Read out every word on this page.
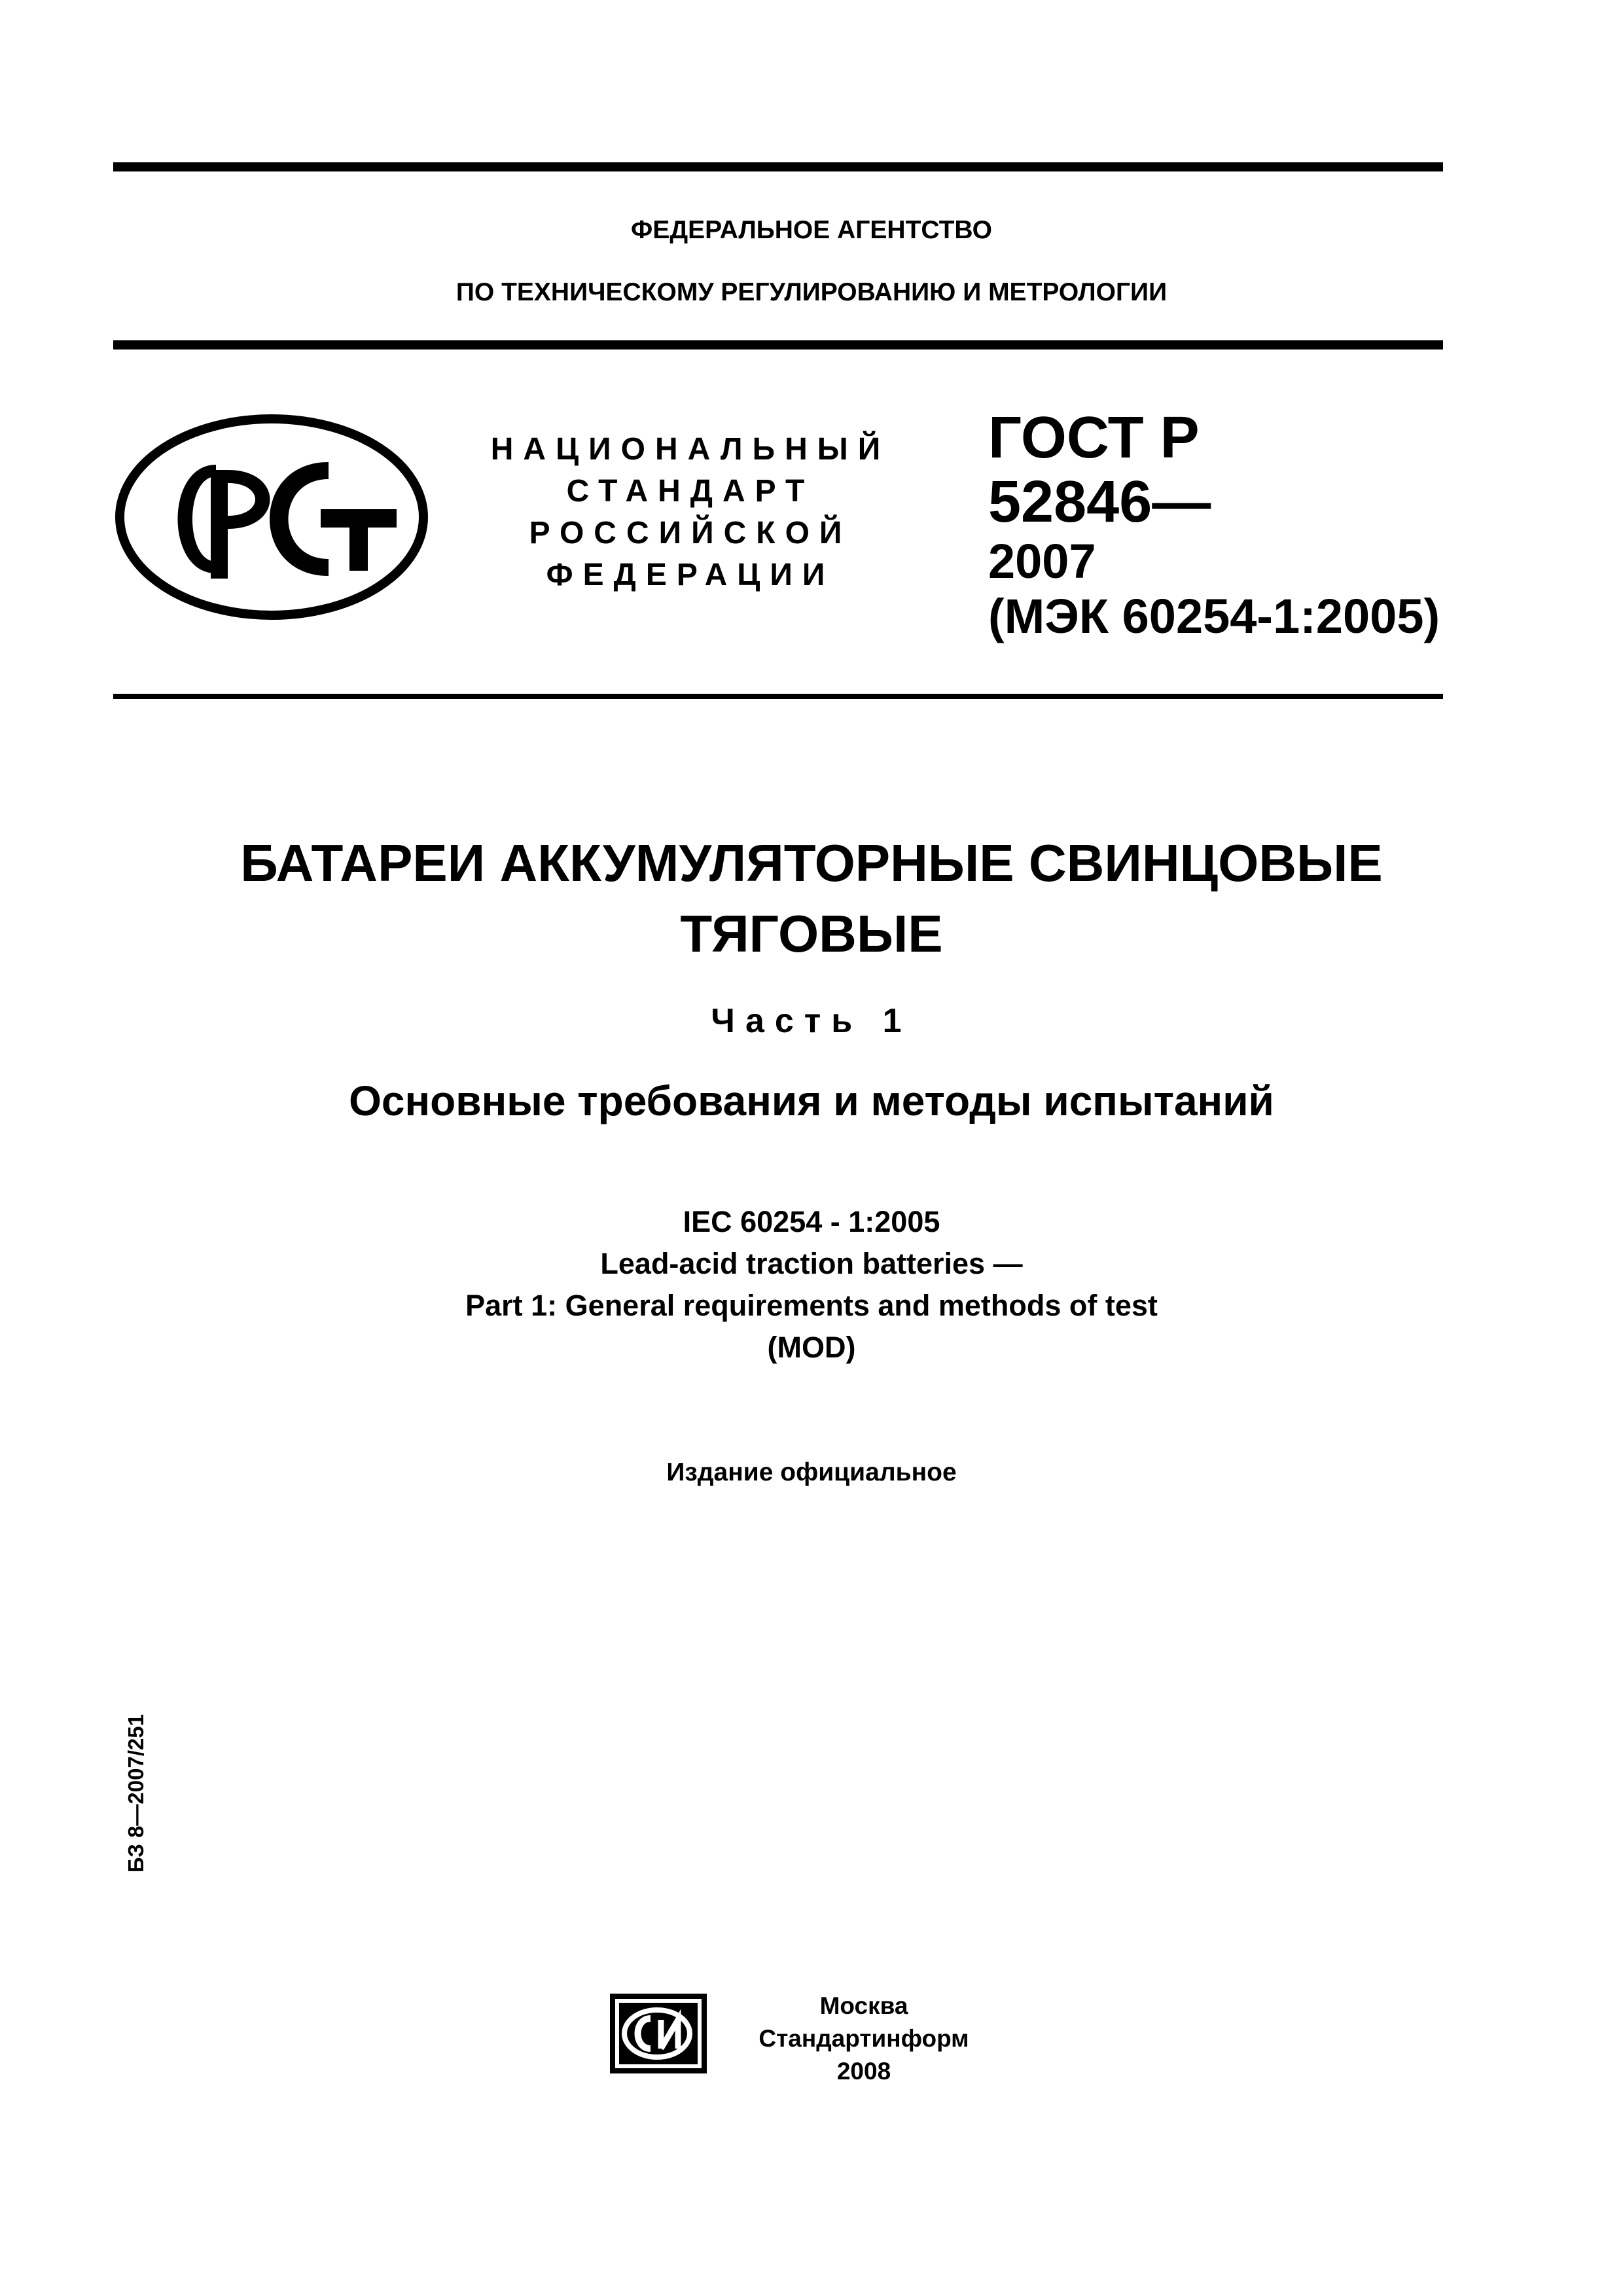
ФЕДЕРАЛЬНОЕ АГЕНТСТВО
ПО ТЕХНИЧЕСКОМУ РЕГУЛИРОВАНИЮ И МЕТРОЛОГИИ
НАЦИОНАЛЬНЫЙ
СТАНДАРТ
РОССИЙСКОЙ
ФЕДЕРАЦИИ
ГОСТ Р
52846—
2007
(МЭК 60254-1:2005)
БАТАРЕИ АККУМУЛЯТОРНЫЕ СВИНЦОВЫЕ
ТЯГОВЫЕ
Часть 1
Основные требования и методы испытаний
IEC 60254 - 1:2005
Lead-acid traction batteries —
Part 1: General requirements and methods of test
(MOD)
Издание официальное
БЗ 8—2007/251
Москва
Стандартинформ
2008
